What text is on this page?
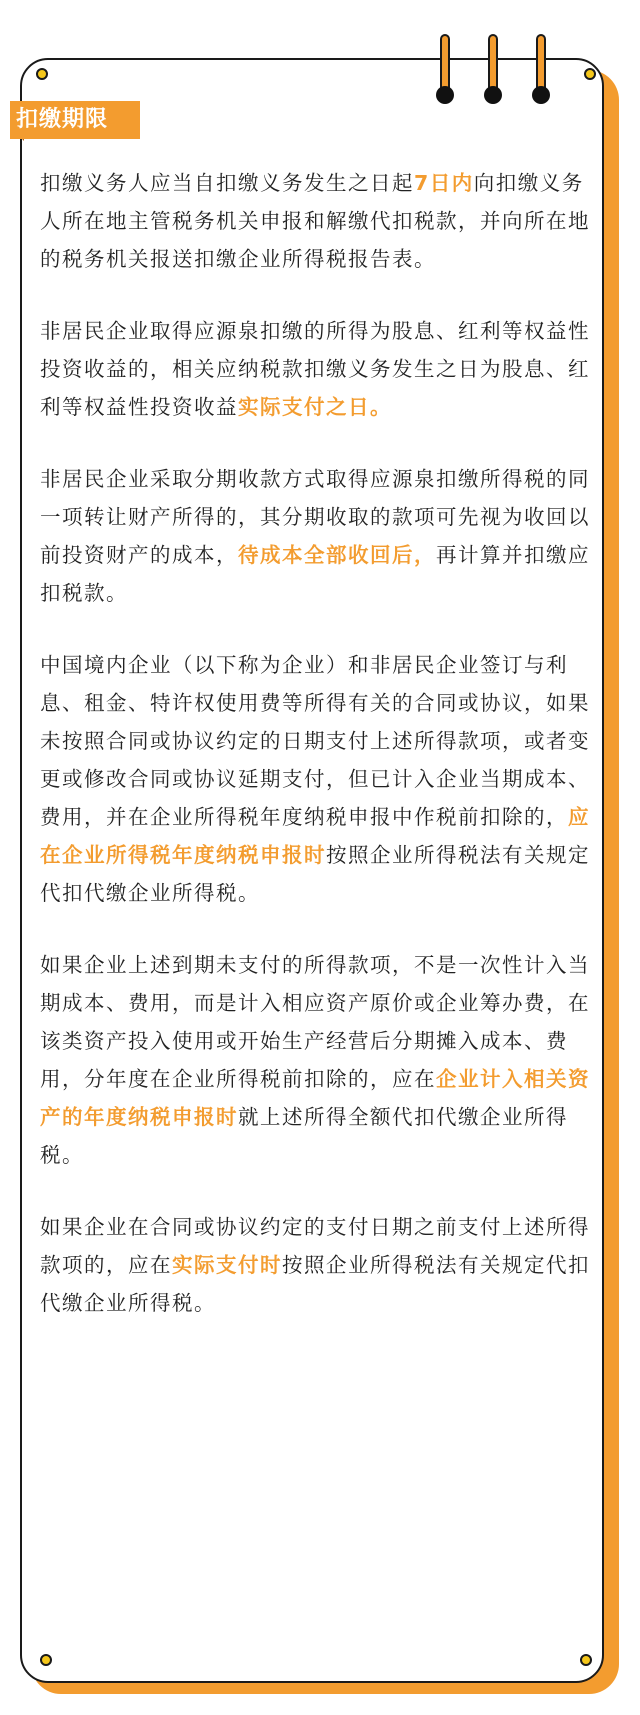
扣缴期限

扣缴义务人应当自扣缴义务发生之日起7日内向扣缴义务人所在地主管税务机关申报和解缴代扣税款，并向所在地的税务机关报送扣缴企业所得税报告表。

非居民企业取得应源泉扣缴的所得为股息、红利等权益性投资收益的，相关应纳税款扣缴义务发生之日为股息、红利等权益性投资收益实际支付之日。

非居民企业采取分期收款方式取得应源泉扣缴所得税的同一项转让财产所得的，其分期收取的款项可先视为收回以前投资财产的成本，待成本全部收回后，再计算并扣缴应扣税款。

中国境内企业（以下称为企业）和非居民企业签订与利息、租金、特许权使用费等所得有关的合同或协议，如果未按照合同或协议约定的日期支付上述所得款项，或者变更或修改合同或协议延期支付，但已计入企业当期成本、费用，并在企业所得税年度纳税申报中作税前扣除的，应在企业所得税年度纳税申报时按照企业所得税法有关规定代扣代缴企业所得税。

如果企业上述到期未支付的所得款项，不是一次性计入当期成本、费用，而是计入相应资产原价或企业筹办费，在该类资产投入使用或开始生产经营后分期摊入成本、费用，分年度在企业所得税前扣除的，应在企业计入相关资产的年度纳税申报时就上述所得全额代扣代缴企业所得税。

如果企业在合同或协议约定的支付日期之前支付上述所得款项的，应在实际支付时按照企业所得税法有关规定代扣代缴企业所得税。
